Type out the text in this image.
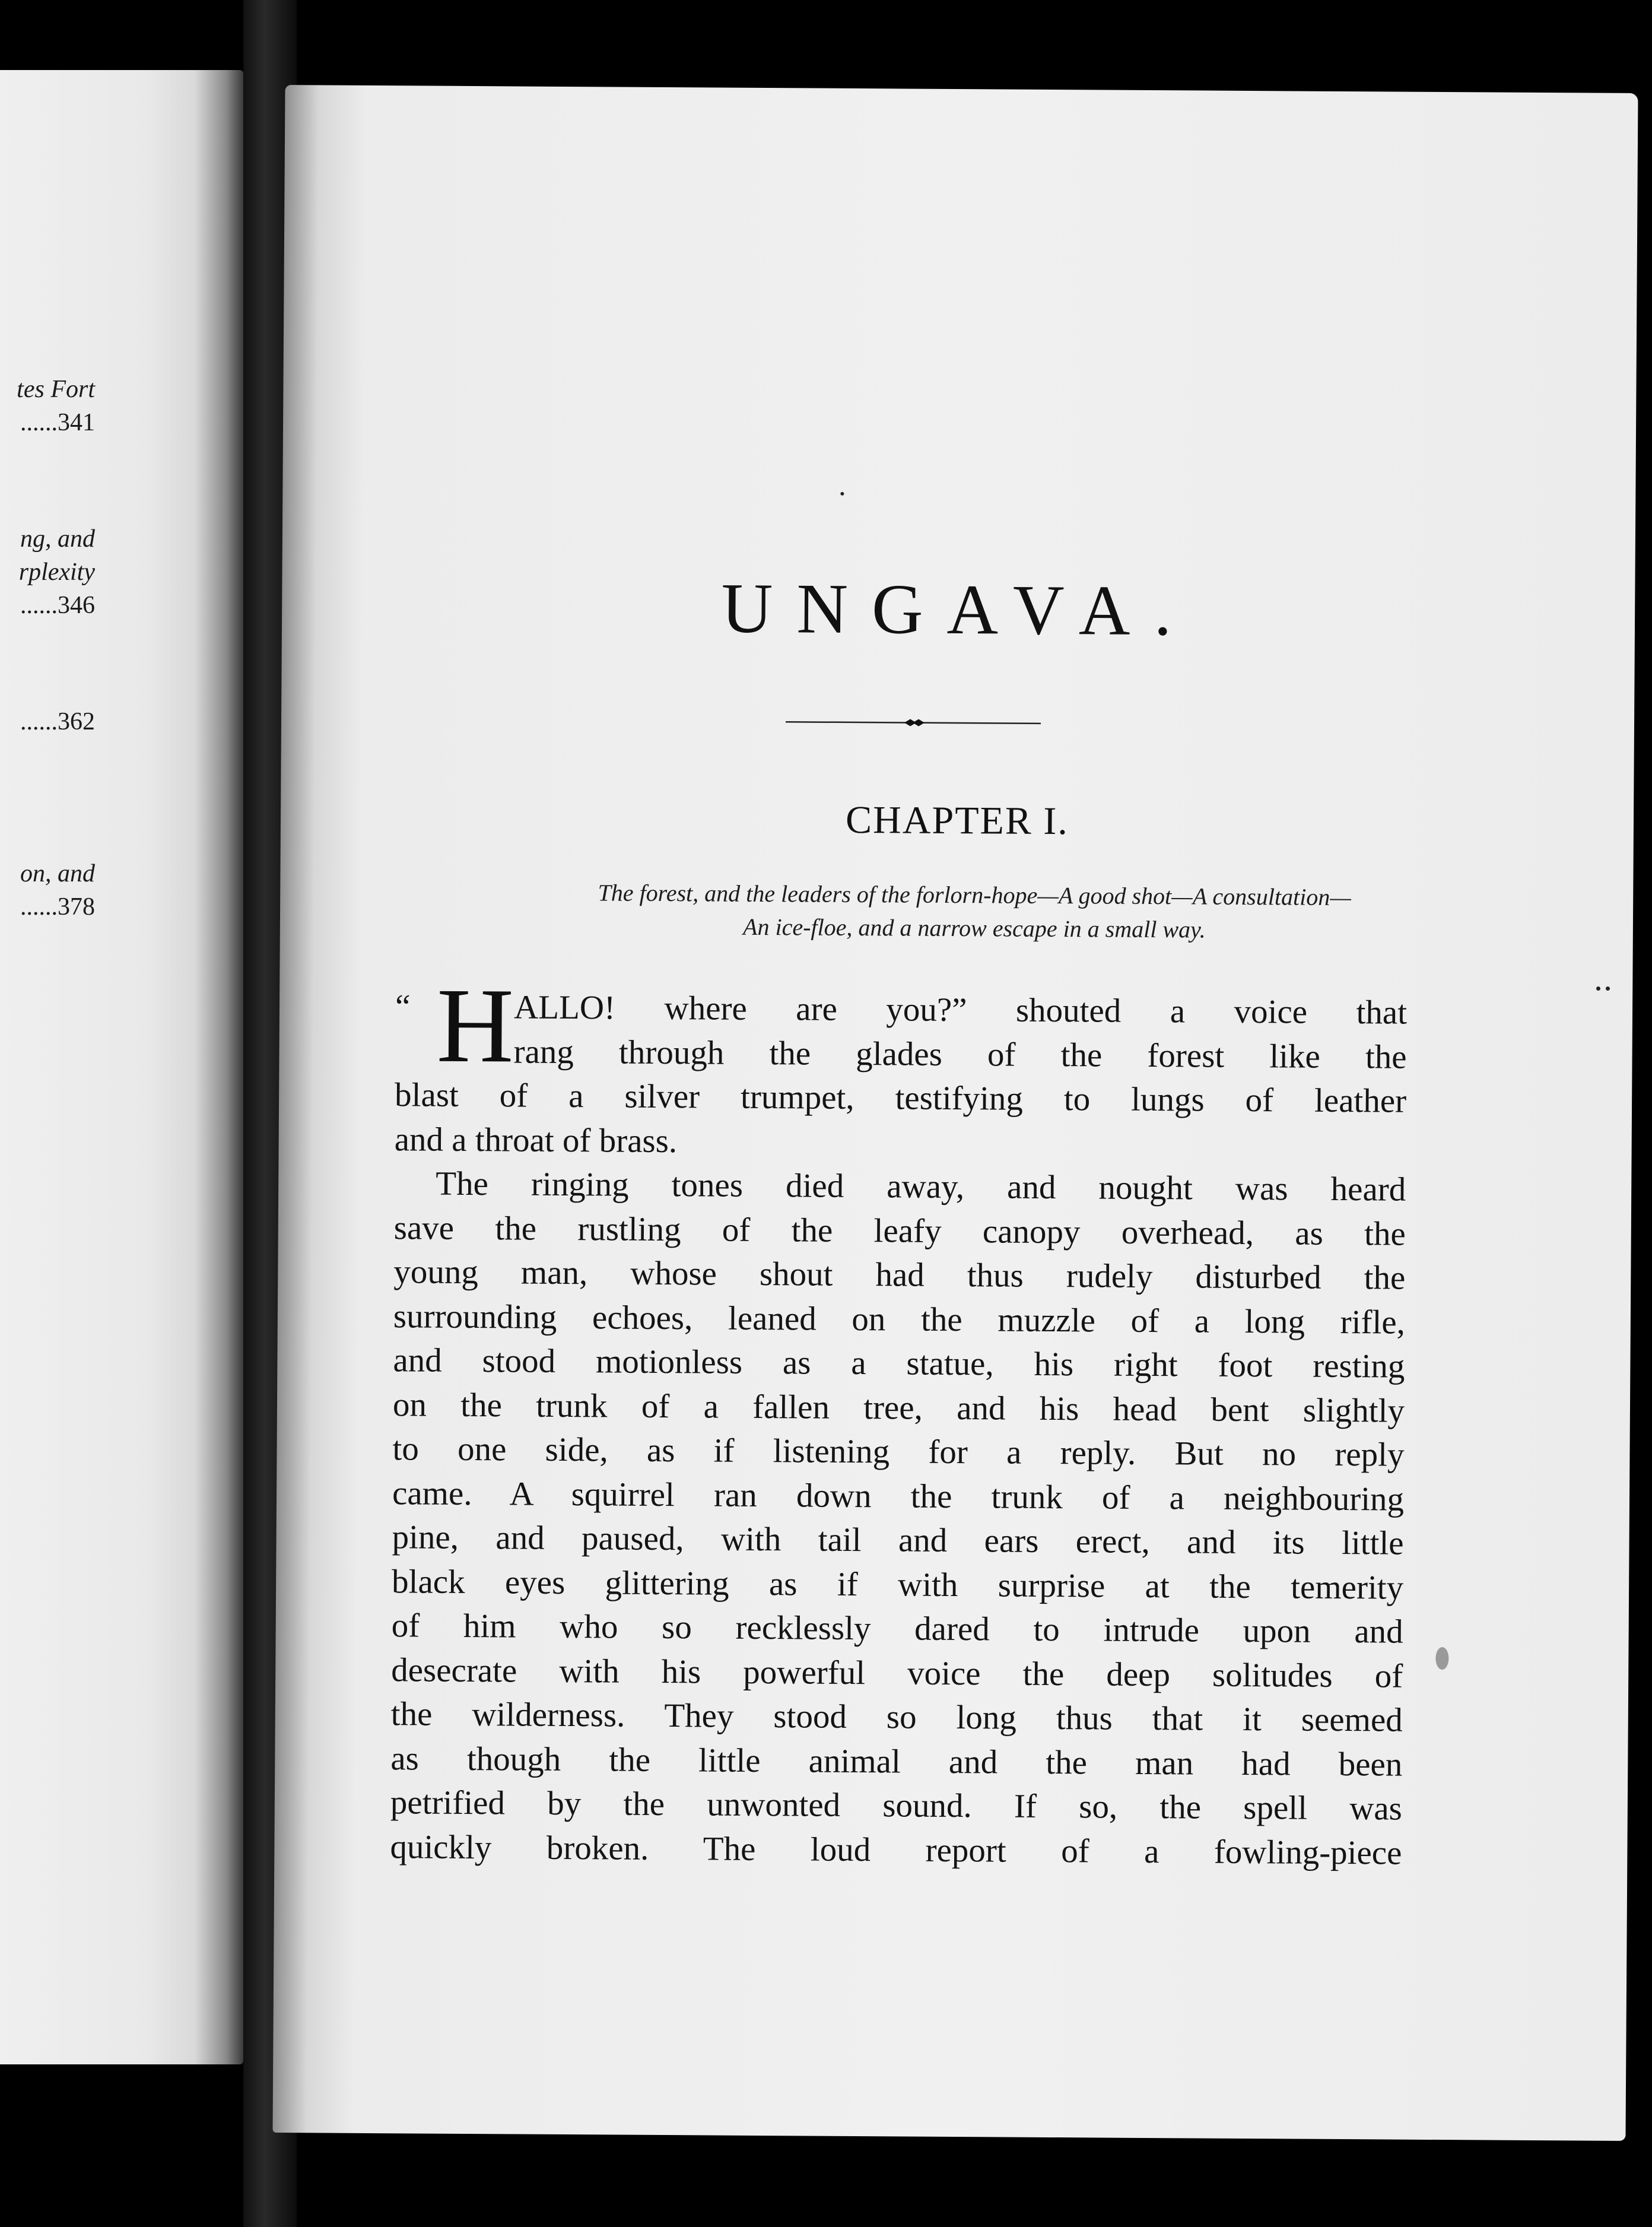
tes Fort
......341
ng, and
rplexity
......346
......362
on, and
......378
UNGAVA.
CHAPTER I.
The forest, and the leaders of the forlorn-hope—A good shot—A consultation—
An ice-floe, and a narrow escape in a small way.
“ H ALLO! where are you?” shouted a voice that
rang through the glades of the forest like the
blast of a silver trumpet, testifying to lungs of leather
and a throat of brass.
The ringing tones died away, and nought was heard
save the rustling of the leafy canopy overhead, as the
young man, whose shout had thus rudely disturbed the
surrounding echoes, leaned on the muzzle of a long rifle,
and stood motionless as a statue, his right foot resting
on the trunk of a fallen tree, and his head bent slightly
to one side, as if listening for a reply. But no reply
came. A squirrel ran down the trunk of a neighbouring
pine, and paused, with tail and ears erect, and its little
black eyes glittering as if with surprise at the temerity
of him who so recklessly dared to intrude upon and
desecrate with his powerful voice the deep solitudes of
the wilderness. They stood so long thus that it seemed
as though the little animal and the man had been
petrified by the unwonted sound. If so, the spell was
quickly broken. The loud report of a fowling-piece
